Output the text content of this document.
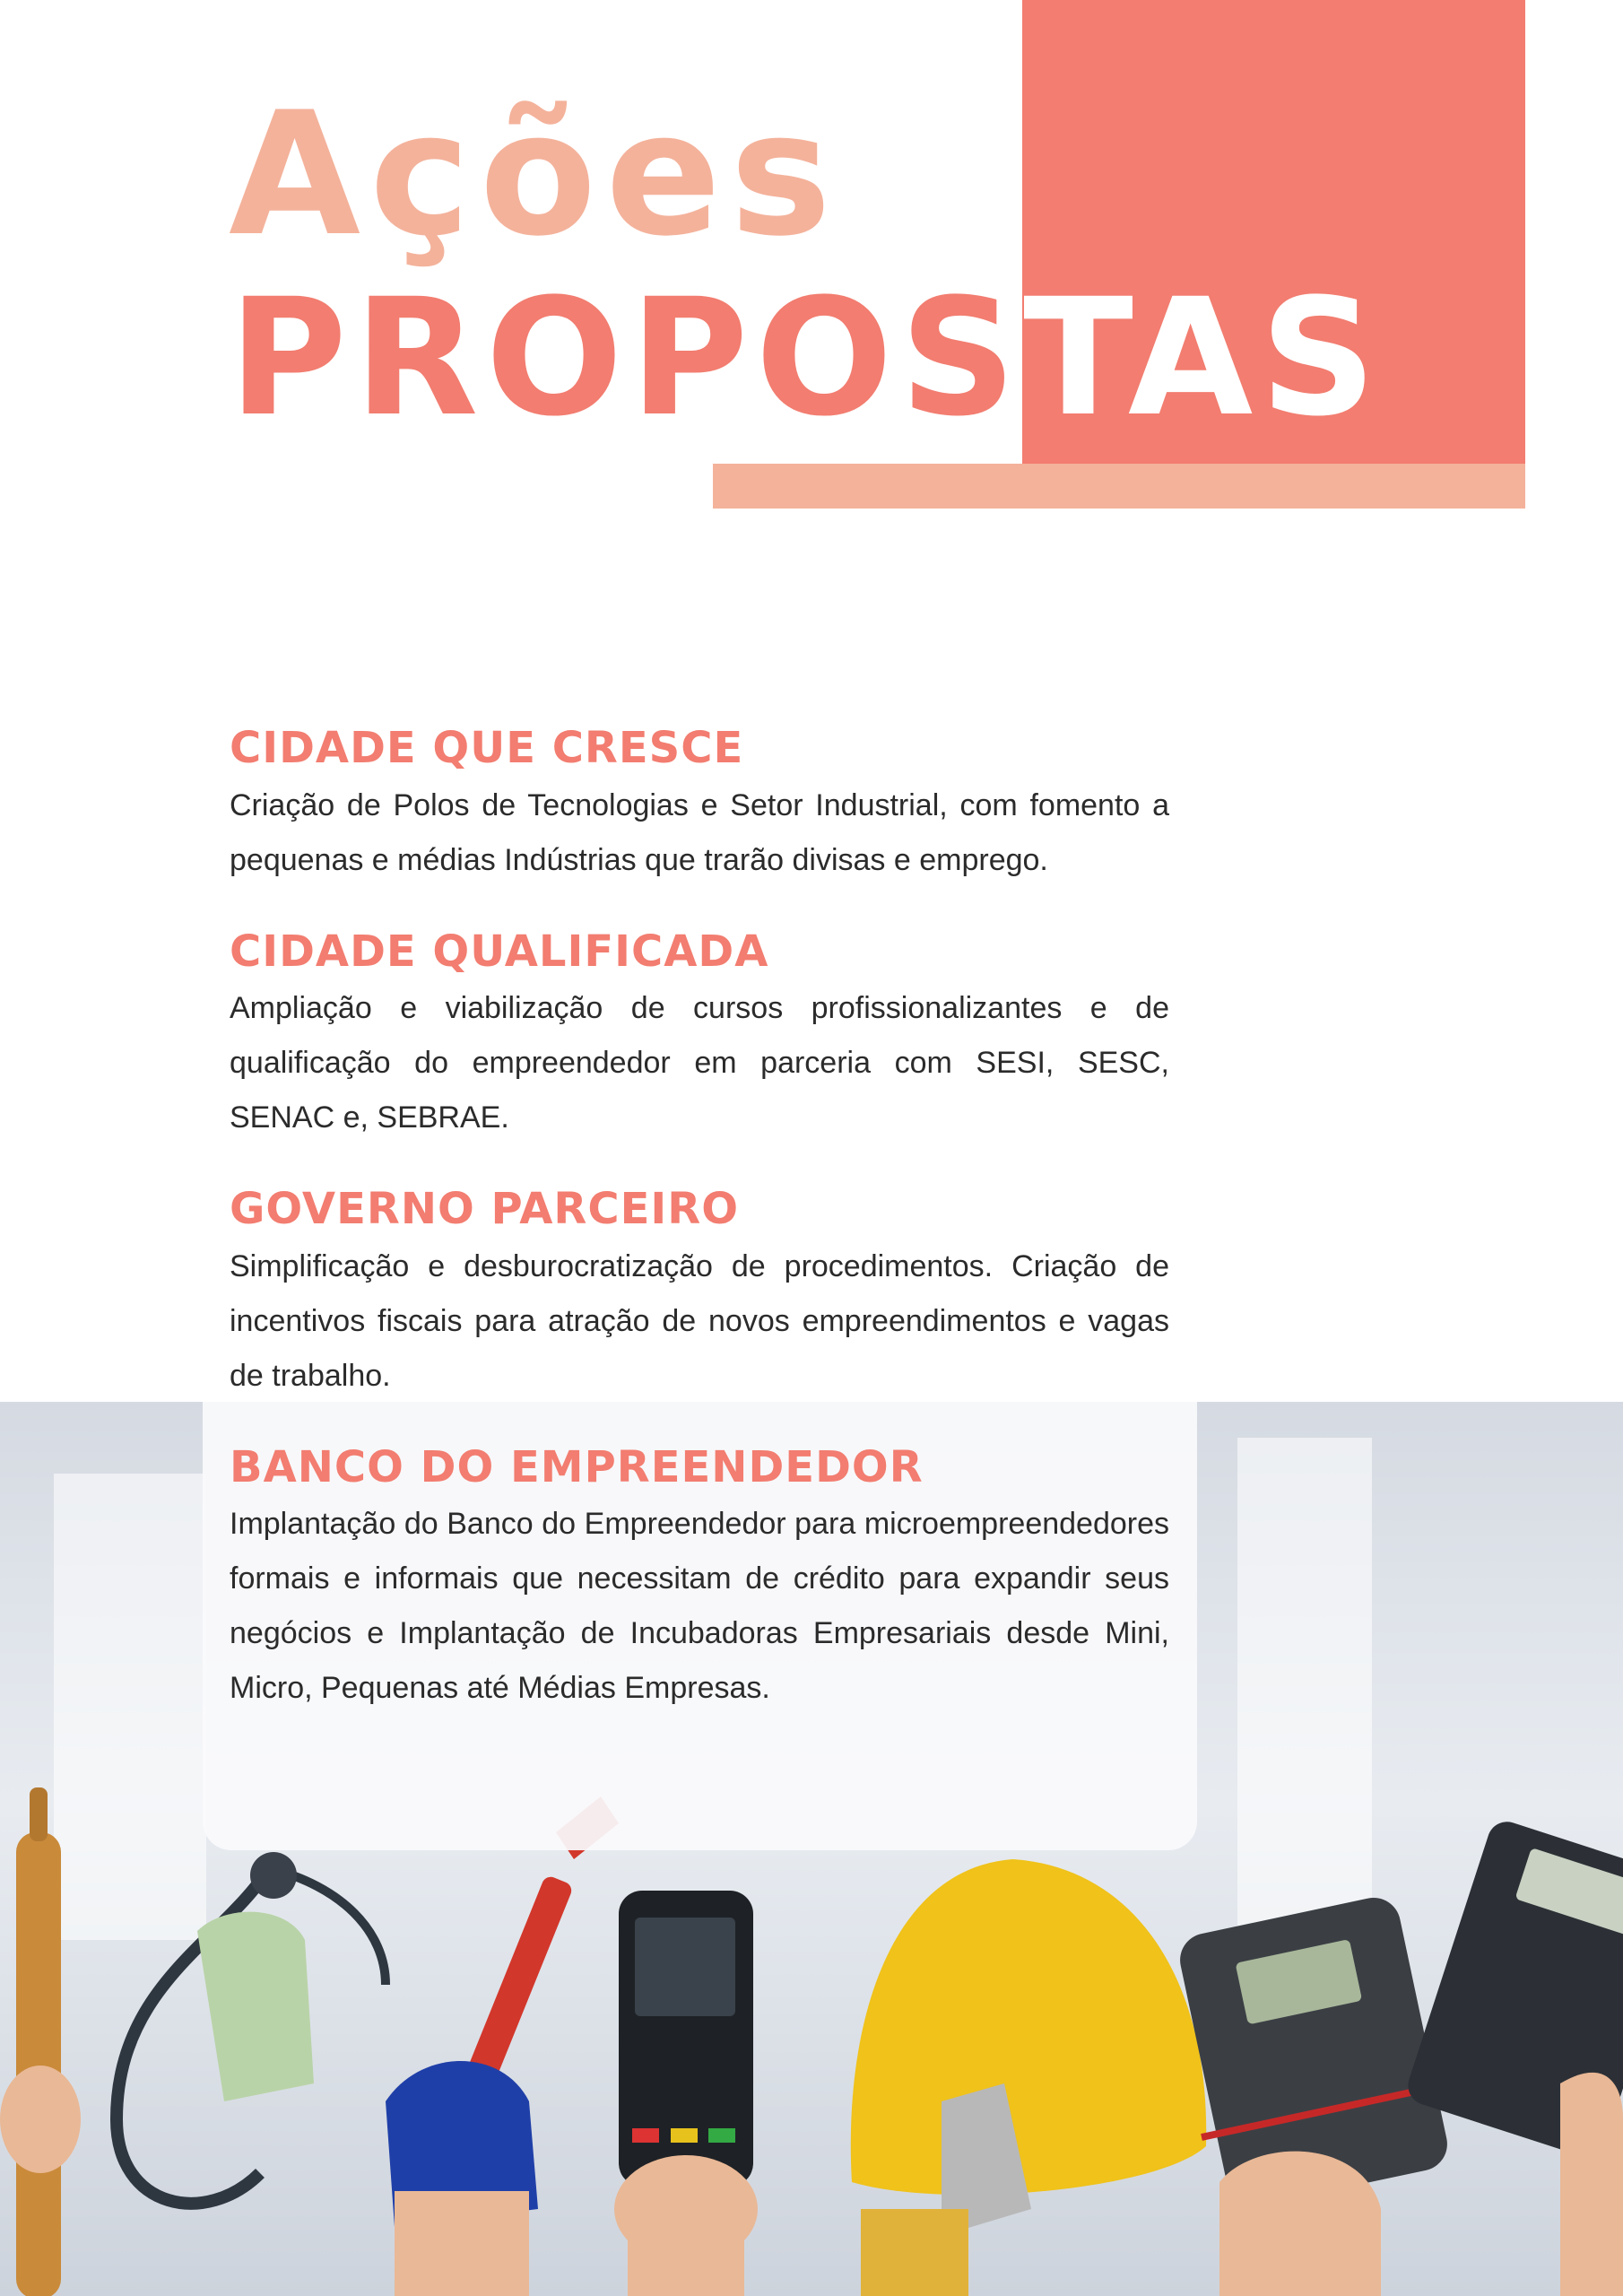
Ações
PROPOSTAS
CIDADE QUE CRESCE

Criação de Polos de Tecnologias e Setor Industrial, com fomento a pequenas e médias Indústrias que trarão divisas e emprego.

CIDADE QUALIFICADA

Ampliação e viabilização de cursos profissionalizantes e de qualificação do empreendedor em parceria com SESI, SESC, SENAC e, SEBRAE.

GOVERNO PARCEIRO

Simplificação e desburocratização de procedimentos. Criação de incentivos fiscais para atração de novos empreendimentos e vagas de trabalho.

BANCO DO EMPREENDEDOR

Implantação do Banco do Empreendedor para microempreendedores formais e informais que necessitam de crédito para expandir seus negócios e Implantação de Incubadoras Empresariais desde Mini, Micro, Pequenas até Médias Empresas.
